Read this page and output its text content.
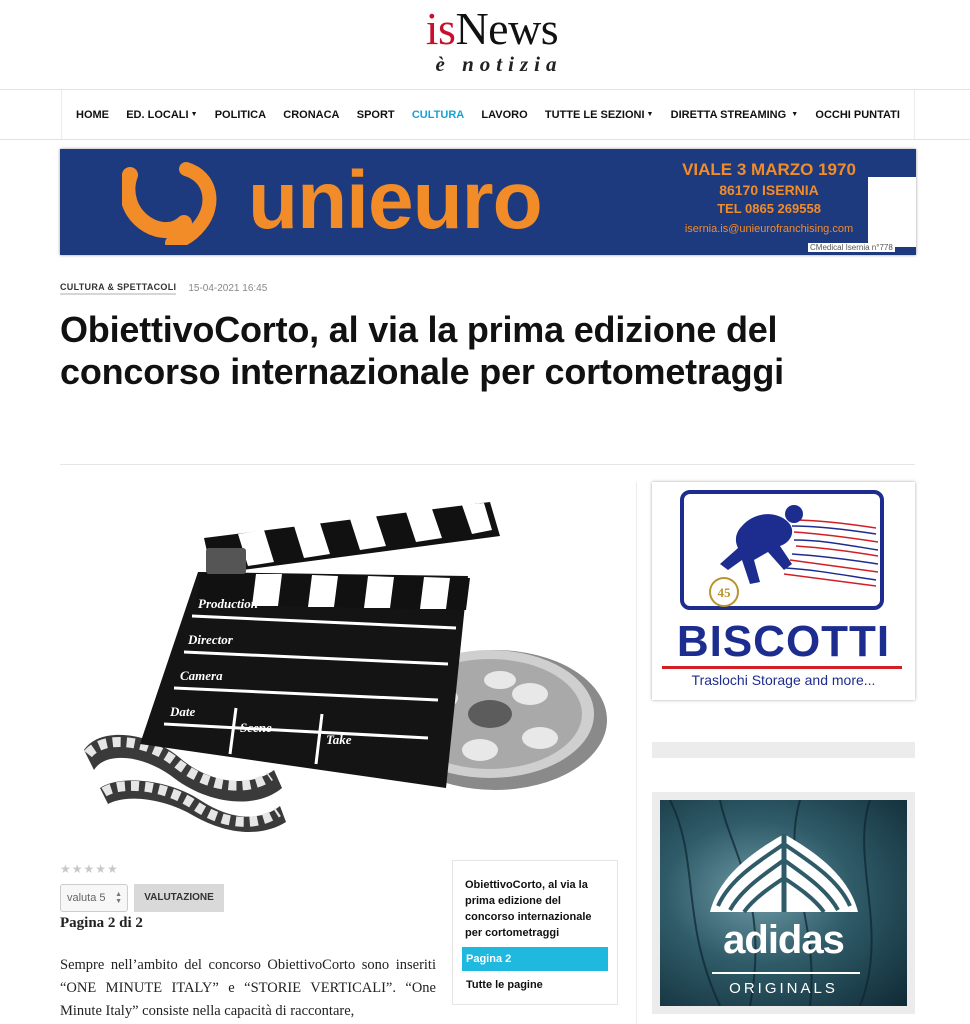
isNews
è notizia
HOME ED. LOCALI ▼ POLITICA CRONACA SPORT CULTURA LAVORO TUTTE LE SEZIONI ▼ DIRETTA STREAMING ▼ OCCHI PUNTATI
unieuro	VIALE 3 MARZO 1970
86170 ISERNIA
TEL 0865 269558
isernia.is@unieurofranchising.com
CMedical Isernia n°778
CULTURA & SPETTACOLI 15-04-2021 16:45
ObiettivoCorto, al via la prima edizione del concorso internazionale per cortometraggi
Production
Director
Camera
Date
Scene
Take
★★★★★
valuta 5 ▲
▼	VALUTAZIONE
Pagina 2 di 2

Sempre nell’ambito del concorso ObiettivoCorto sono inseriti “ONE MINUTE ITALY” e “STORIE VERTICALI”. “One Minute Italy” consiste nella capacità di raccontare,

ObiettivoCorto, al via la prima edizione del concorso internazionale per cortometraggi
Pagina 2
Tutte le pagine
45
BISCOTTI
Traslochi Storage and more...
adidas
ORIGINALS
